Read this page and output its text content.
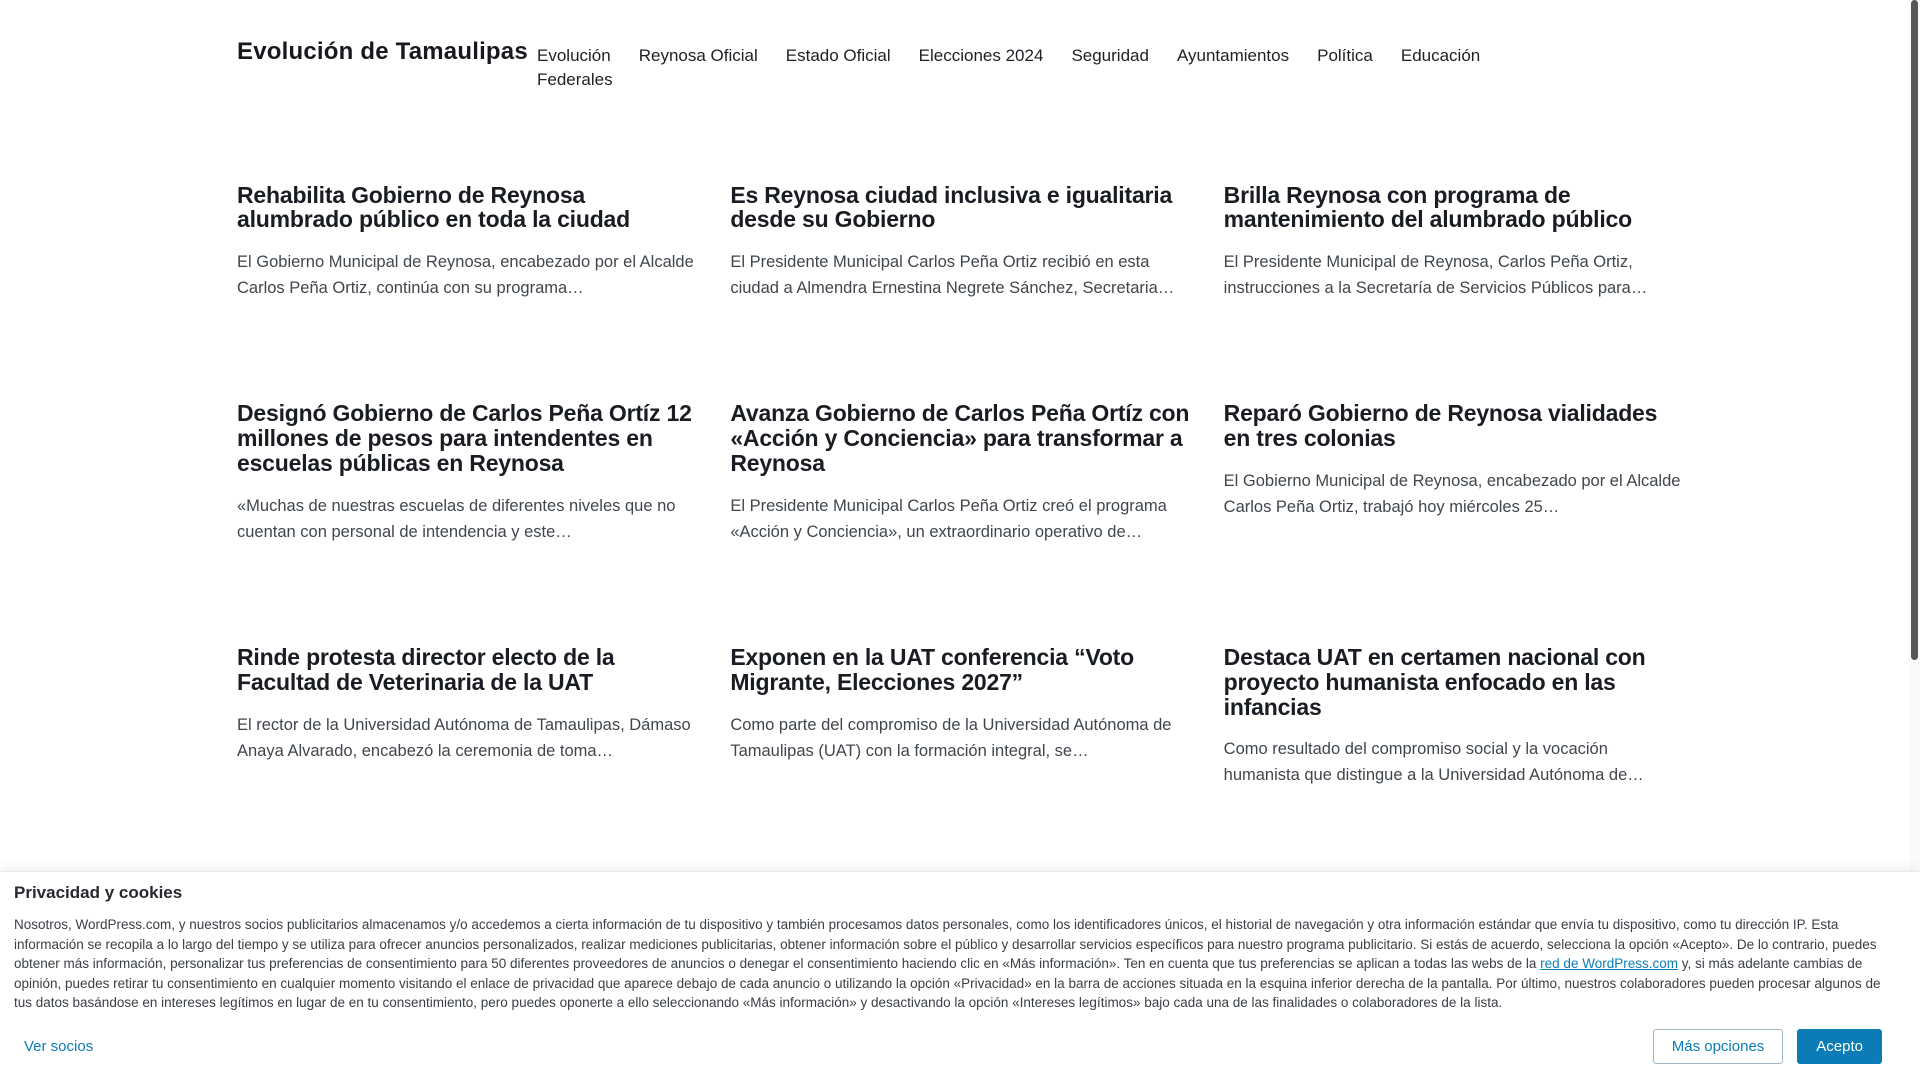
Evolución de Tamaulipas Evolución Reynosa Oficial Estado Oficial Elecciones 2024 Seguridad Ayuntamientos Política Educación
Federales
Rehabilita Gobierno de Reynosa alumbrado público en toda la ciudad

El Gobierno Municipal de Reynosa, encabezado por el Alcalde Carlos Peña Ortiz, continúa con su programa…

Es Reynosa ciudad inclusiva e igualitaria desde su Gobierno

El Presidente Municipal Carlos Peña Ortiz recibió en esta ciudad a Almendra Ernestina Negrete Sánchez, Secretaria…

Brilla Reynosa con programa de mantenimiento del alumbrado público

El Presidente Municipal de Reynosa, Carlos Peña Ortiz, instrucciones a la Secretaría de Servicios Públicos para…

Designó Gobierno de Carlos Peña Ortíz 12 millones de pesos para intendentes en escuelas públicas en Reynosa

«Muchas de nuestras escuelas de diferentes niveles que no cuentan con personal de intendencia y este…

Avanza Gobierno de Carlos Peña Ortíz con «Acción y Conciencia» para transformar a Reynosa

El Presidente Municipal Carlos Peña Ortiz creó el programa «Acción y Conciencia», un extraordinario operativo de…

Reparó Gobierno de Reynosa vialidades en tres colonias

El Gobierno Municipal de Reynosa, encabezado por el Alcalde Carlos Peña Ortiz, trabajó hoy miércoles 25…

Rinde protesta director electo de la Facultad de Veterinaria de la UAT

El rector de la Universidad Autónoma de Tamaulipas, Dámaso Anaya Alvarado, encabezó la ceremonia de toma…

Exponen en la UAT conferencia “Voto Migrante, Elecciones 2027”

Como parte del compromiso de la Universidad Autónoma de Tamaulipas (UAT) con la formación integral, se…

Destaca UAT en certamen nacional con proyecto humanista enfocado en las infancias

Como resultado del compromiso social y la vocación humanista que distingue a la Universidad Autónoma de…

Privacidad y cookies

Nosotros, WordPress.com, y nuestros socios publicitarios almacenamos y/o accedemos a cierta información de tu dispositivo y también procesamos datos personales, como los identificadores únicos, el historial de navegación y otra información estándar que envía tu dispositivo, como tu dirección IP. Esta información se recopila a lo largo del tiempo y se utiliza para ofrecer anuncios personalizados, realizar mediciones publicitarias, obtener información sobre el público y desarrollar servicios específicos para nuestro programa publicitario. Si estás de acuerdo, selecciona la opción «Acepto». De lo contrario, puedes obtener más información, personalizar tus preferencias de consentimiento para 50 diferentes proveedores de anuncios o denegar el consentimiento haciendo clic en «Más información». Ten en cuenta que tus preferencias se aplican a todas las webs de la red de WordPress.com y, si más adelante cambias de opinión, puedes retirar tu consentimiento en cualquier momento visitando el enlace de privacidad que aparece debajo de cada anuncio o utilizando la opción «Privacidad» en la barra de acciones situada en la esquina inferior derecha de la pantalla. Por último, nuestros colaboradores pueden procesar algunos de tus datos basándose en intereses legítimos en lugar de en tu consentimiento, pero puedes oponerte a ello seleccionando «Más información» y desactivando la opción «Intereses legítimos» bajo cada una de las finalidades o colaboradores de la lista.

Ver socios	Más opciones	Acepto
